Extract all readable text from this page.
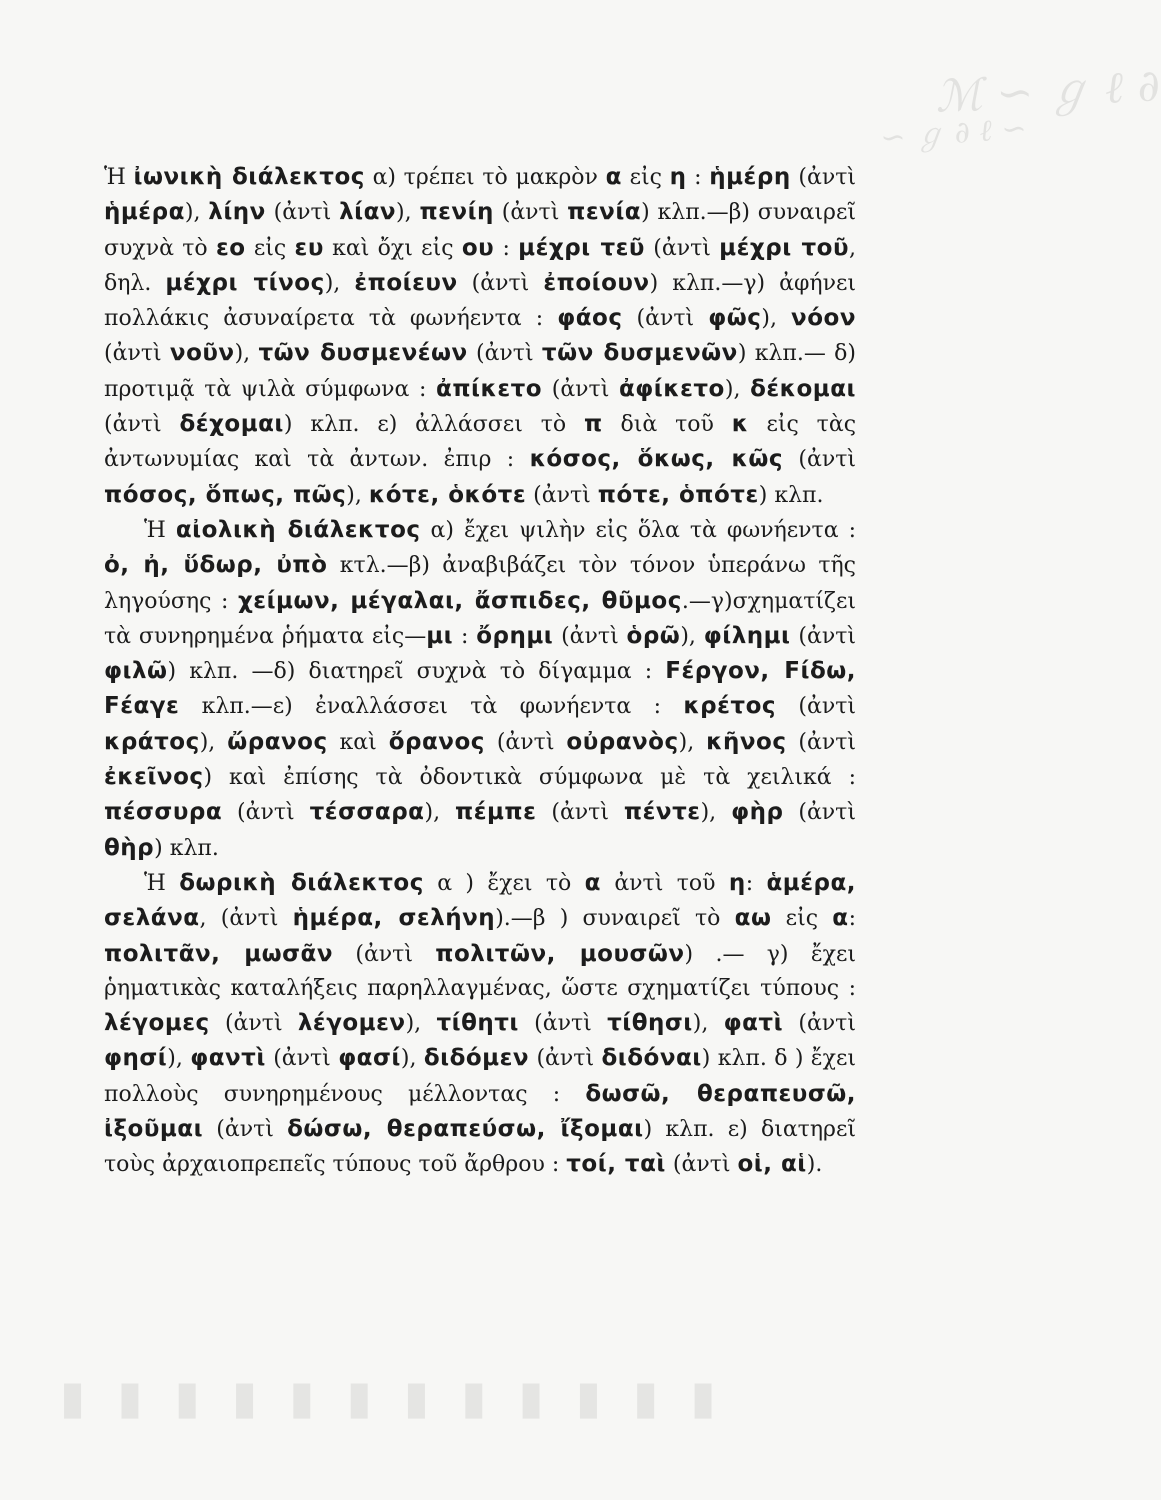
ℳ ∽ ℊ ℓ ∂
∽ ℊ ∂ ℓ ∽
▮▮▮▮▮▮▮▮▮▮▮▮

Ἡ ἰωνικὴ διάλεκτος α) τρέπει τὸ μακρὸν α εἰς η : ἡμέρη (ἀντὶ ἡμέρα), λίην (ἀντὶ λίαν), πενίη (ἀντὶ πενία) κλπ.—β) συναιρεῖ συχνὰ τὸ εο εἰς ευ καὶ ὄχι εἰς ου : μέχρι τεῦ (ἀντὶ μέχρι τοῦ, δηλ. μέχρι τίνος), ἐποίευν (ἀντὶ ἐποίουν) κλπ.—γ) ἀφήνει πολλάκις ἀσυναίρετα τὰ φωνήεντα : φάος (ἀντὶ φῶς), νόον (ἀντὶ νοῦν), τῶν δυσμενέων (ἀντὶ τῶν δυσμενῶν) κλπ.— δ) προτιμᾷ τὰ ψιλὰ σύμφωνα : ἀπίκετο (ἀντὶ ἀφίκετο), δέκομαι (ἀντὶ δέχομαι) κλπ. ε) ἀλλάσσει τὸ π διὰ τοῦ κ εἰς τὰς ἀντωνυμίας καὶ τὰ ἀντων. ἐπιρ : κόσος, ὅκως, κῶς (ἀντὶ πόσος, ὅπως, πῶς), κότε, ὁκότε (ἀντὶ πότε, ὁπότε) κλπ.

Ἡ αἰολικὴ διάλεκτος α) ἔχει ψιλὴν εἰς ὅλα τὰ φωνήεντα : ὀ, ἠ, ὕδωρ, ὐπὸ κτλ.—β) ἀναβιβάζει τὸν τόνον ὑπεράνω τῆς ληγούσης : χείμων, μέγαλαι, ἄσπιδες, θῦμος.—γ)σχηματίζει τὰ συνηρημένα ῥήματα εἰς—μι : ὄρημι (ἀντὶ ὁρῶ), φίλημι (ἀντὶ φιλῶ) κλπ. —δ) διατηρεῖ συχνὰ τὸ δίγαμμα : Fέργον, Fίδω, Fέαγε κλπ.—ε) ἐναλλάσσει τὰ φωνήεντα : κρέτος (ἀντὶ κράτος), ὤρανος καὶ ὄρανος (ἀντὶ οὐρανὸς), κῆνος (ἀντὶ ἐκεῖνος) καὶ ἐπίσης τὰ ὀδοντικὰ σύμφωνα μὲ τὰ χειλικά : πέσσυρα (ἀντὶ τέσσαρα), πέμπε (ἀντὶ πέντε), φὴρ (ἀντὶ θὴρ) κλπ.

Ἡ δωρικὴ διάλεκτος α ) ἔχει τὸ α ἀντὶ τοῦ η: ἁμέρα, σελάνα, (ἀντὶ ἡμέρα, σελήνη).—β ) συναιρεῖ τὸ αω εἰς α: πολιτᾶν, μωσᾶν (ἀντὶ πολιτῶν, μουσῶν) .— γ) ἔχει ῥηματικὰς καταλήξεις παρηλλαγμένας, ὥστε σχηματίζει τύπους : λέγομες (ἀντὶ λέγομεν), τίθητι (ἀντὶ τίθησι), φατὶ (ἀντὶ φησί), φαντὶ (ἀντὶ φασί), διδόμεν (ἀντὶ διδόναι) κλπ. δ ) ἔχει πολλοὺς συνηρημένους μέλλοντας : δωσῶ, θεραπευσῶ, ἰξοῦμαι (ἀντὶ δώσω, θεραπεύσω, ἴξομαι) κλπ. ε) διατηρεῖ τοὺς ἀρχαιοπρεπεῖς τύπους τοῦ ἄρθρου : τοί, ταὶ (ἀντὶ οἱ, αἱ).
